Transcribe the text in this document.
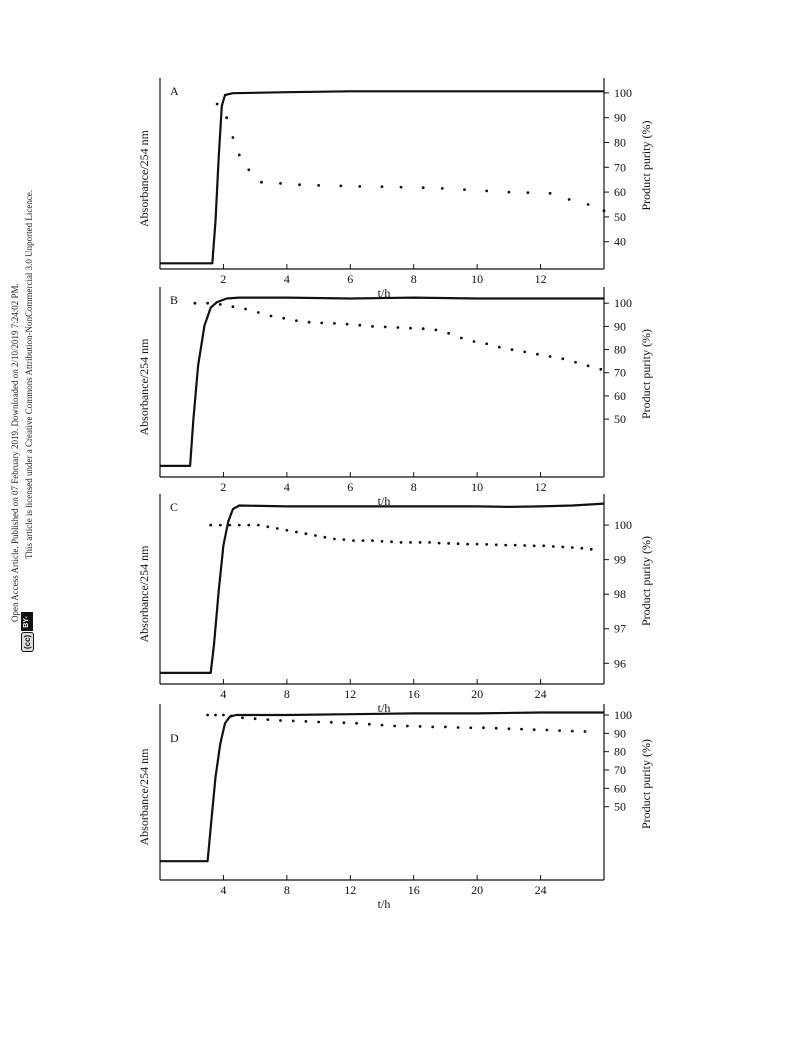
Open Access Article. Published on 07 February 2019. Downloaded on 2/10/2019 7:24:02 PM. This article is licensed under a Creative Commons Attribution-NonCommercial 3.0 Unported Licence.
(cc)
BY-NC
2	4	6	8	10	12
40
50
60
70
80
90
100
A
t/h
Absorbance/254 nm	Product purity (%)
2	4	6	8	10	12
50
60
70
80
90
100
B
t/h
Absorbance/254 nm	Product purity (%)
4	8	12	16	20	24
96
97
98
99
100
C
t/h
Absorbance/254 nm	Product purity (%)
4	8	12	16	20	24
50
60
70
80
90
100
D
t/h
Absorbance/254 nm	Product purity (%)
